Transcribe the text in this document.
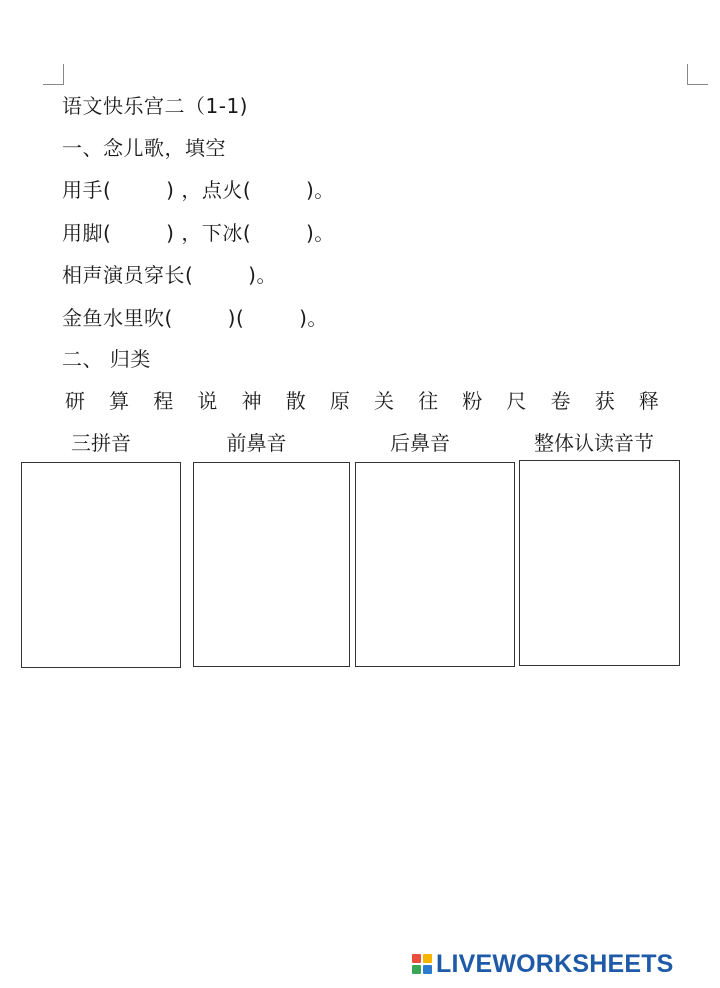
语文快乐宫二（1-1)
一、念儿歌，填空
用手(        ) ，点火(        )。
用脚(        ) ，下冰(        )。
相声演员穿长(        )。
金鱼水里吹(        )(        )。
二、 归类
研 算 程 说 神 散 原 关 往 粉 尺 卷 获 释
三拼音	前鼻音	后鼻音	整体认读音节
LIVEWORKSHEETS
